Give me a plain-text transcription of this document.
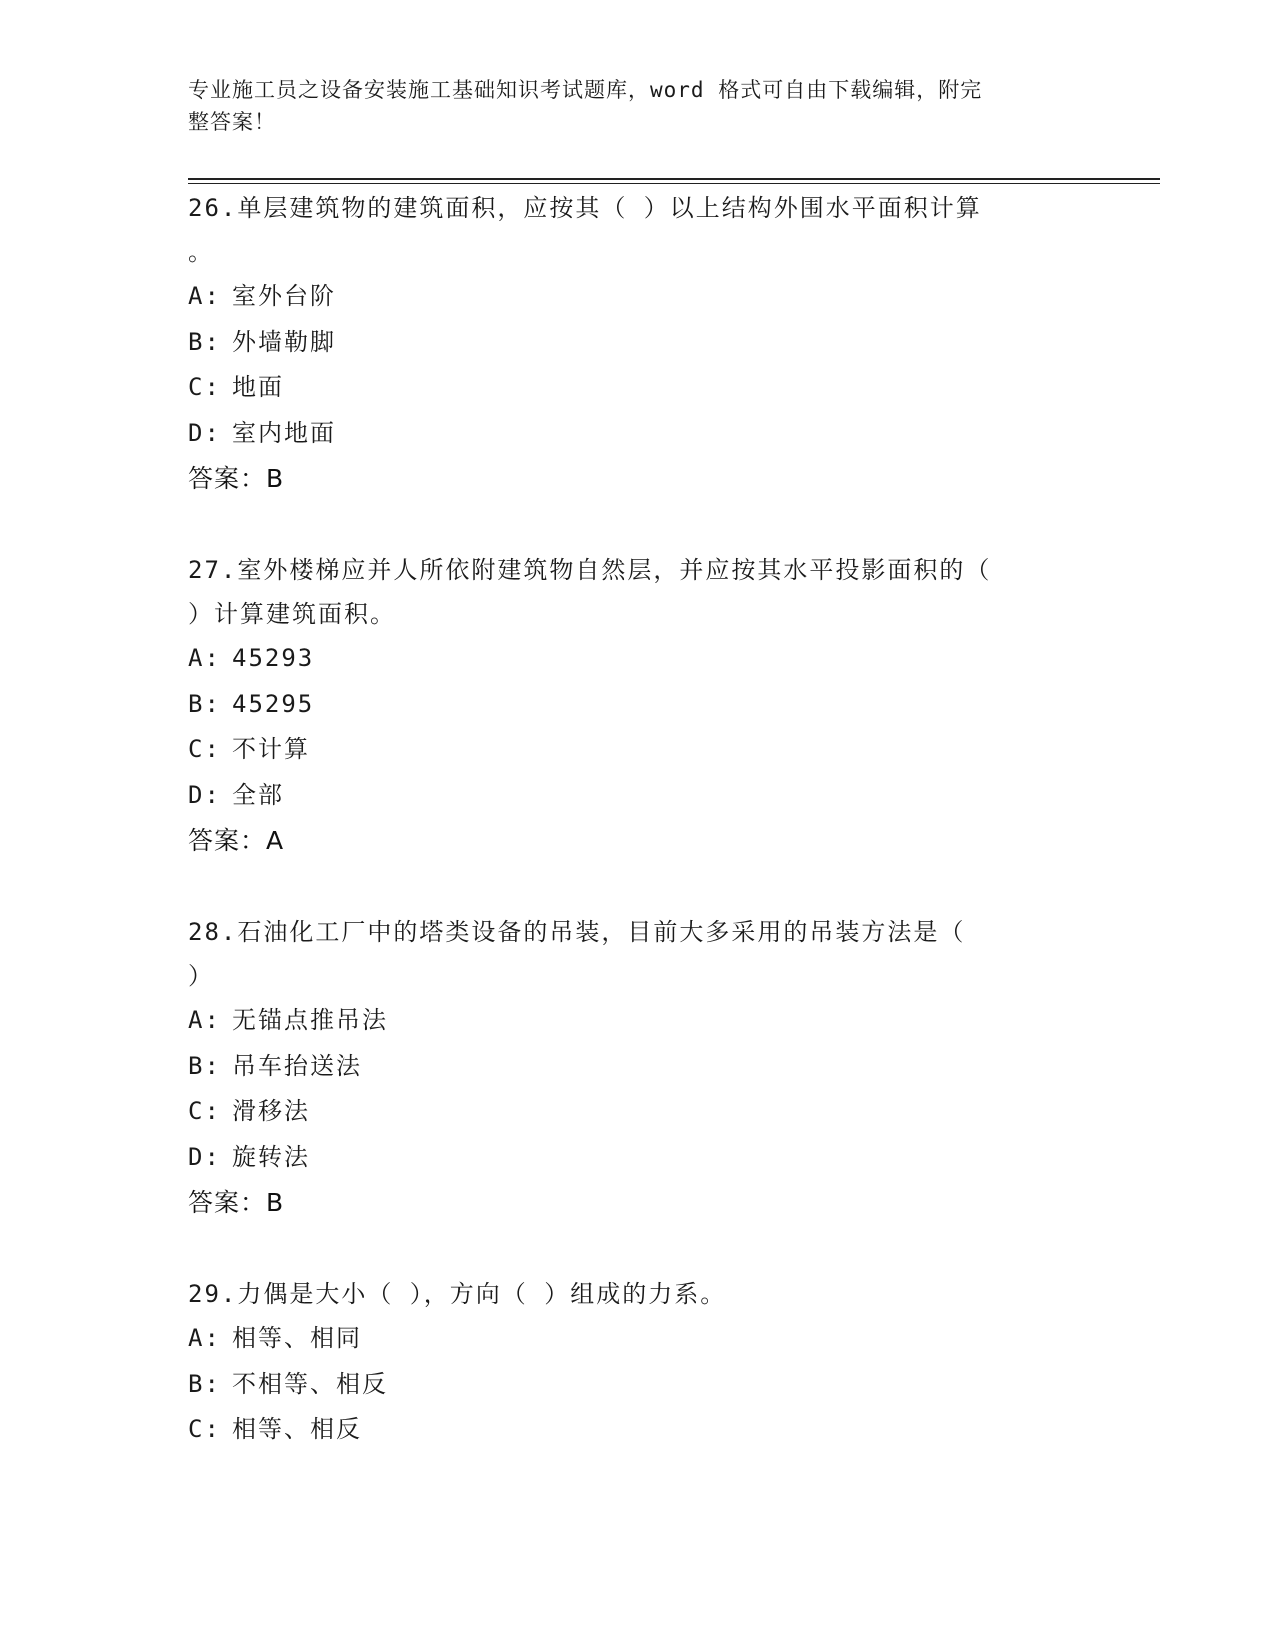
专业施工员之设备安装施工基础知识考试题库，word 格式可自由下载编辑，附完
整答案！

26.单层建筑物的建筑面积，应按其（ ）以上结构外围水平面积计算

。

A: 室外台阶

B: 外墙勒脚

C: 地面

D: 室内地面

答案：B

27.室外楼梯应并人所依附建筑物自然层，并应按其水平投影面积的（

）计算建筑面积。

A: 45293

B: 45295

C: 不计算

D: 全部

答案：A

28.石油化工厂中的塔类设备的吊装，目前大多采用的吊装方法是（

）

A: 无锚点推吊法

B: 吊车抬送法

C: 滑移法

D: 旋转法

答案：B

29.力偶是大小（ ），方向（ ）组成的力系。

A: 相等、相同

B: 不相等、相反

C: 相等、相反
